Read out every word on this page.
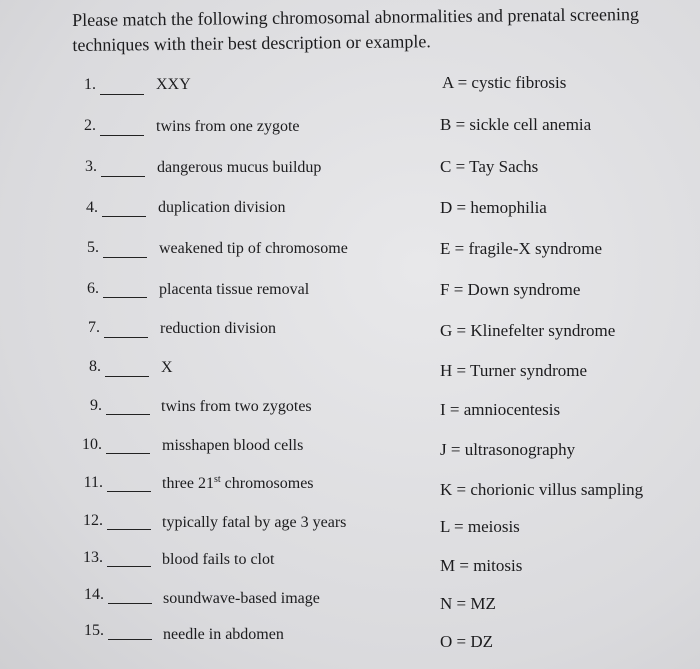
Please match the following chromosomal abnormalities and prenatal screening techniques with their best description or example.
1.	XXY
2.	twins from one zygote
3.	dangerous mucus buildup
4.	duplication division
5.	weakened tip of chromosome
6.	placenta tissue removal
7.	reduction division
8.	X
9.	twins from two zygotes
10.	misshapen blood cells
11.	three 21st chromosomes
12.	typically fatal by age 3 years
13.	blood fails to clot
14.	soundwave-based image
15.	needle in abdomen
A = cystic fibrosis
B = sickle cell anemia
C = Tay Sachs
D = hemophilia
E = fragile-X syndrome
F = Down syndrome
G = Klinefelter syndrome
H = Turner syndrome
I = amniocentesis
J = ultrasonography
K = chorionic villus sampling
L = meiosis
M = mitosis
N = MZ
O = DZ
